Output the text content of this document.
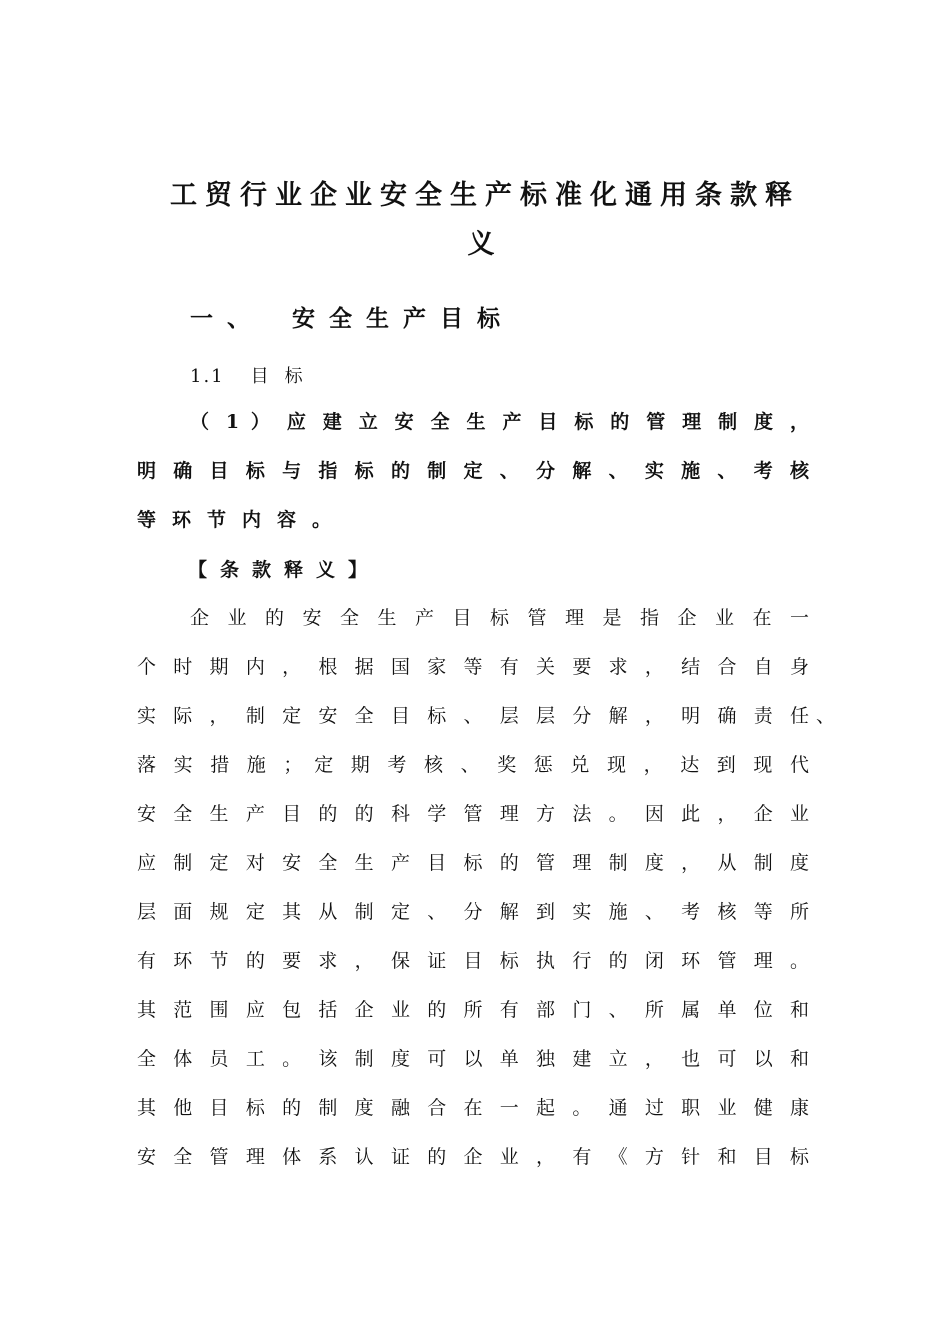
工贸行业企业安全生产标准化通用条款释
义
一、 安全生产目标
1.1 目标
（ 1 ） 应 建 立 安 全 生 产 目 标 的 管 理 制 度 ，
明 确 目 标 与 指 标 的 制 定 、 分 解 、 实 施 、 考 核
等环节内容。
【条款释义】
企 业 的 安 全 生 产 目 标 管 理 是 指 企 业 在 一
个 时 期 内 ， 根 据 国 家 等 有 关 要 求 ， 结 合 自 身
实 际 ， 制 定 安 全 目 标 、 层 层 分 解 ， 明 确 责 任 、
落 实 措 施 ； 定 期 考 核 、 奖 惩 兑 现 ， 达 到 现 代
安 全 生 产 目 的 的 科 学 管 理 方 法 。 因 此 ， 企 业
应 制 定 对 安 全 生 产 目 标 的 管 理 制 度 ， 从 制 度
层 面 规 定 其 从 制 定 、 分 解 到 实 施 、 考 核 等 所
有 环 节 的 要 求 ， 保 证 目 标 执 行 的 闭 环 管 理 。
其 范 围 应 包 括 企 业 的 所 有 部 门 、 所 属 单 位 和
全 体 员 工 。 该 制 度 可 以 单 独 建 立 ， 也 可 以 和
其 他 目 标 的 制 度 融 合 在 一 起 。 通 过 职 业 健 康
安 全 管 理 体 系 认 证 的 企 业 ， 有 《 方 针 和 目 标
